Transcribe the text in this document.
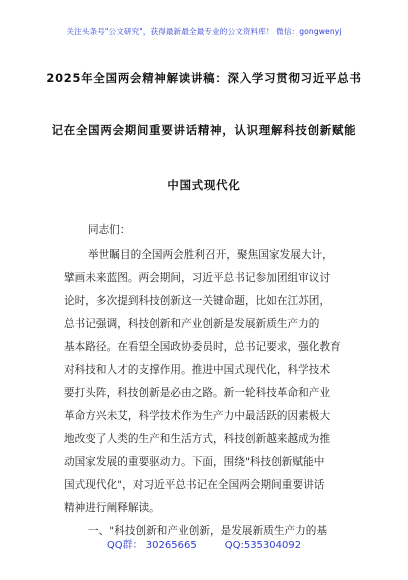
关注头条号"公文研究"，获得最新最全最专业的公文资料库！ 微信：gongwenyj
2025年全国两会精神解读讲稿：深入学习贯彻习近平总书
记在全国两会期间重要讲话精神，认识理解科技创新赋能
中国式现代化
同志们：
举世瞩目的全国两会胜利召开，聚焦国家发展大计，
擘画未来蓝图。两会期间，习近平总书记参加团组审议讨
论时，多次提到科技创新这一关键命题，比如在江苏团，
总书记强调，科技创新和产业创新是发展新质生产力的
基本路径。在看望全国政协委员时，总书记要求，强化教育
对科技和人才的支撑作用。推进中国式现代化，科学技术
要打头阵，科技创新是必由之路。新一轮科技革命和产业
革命方兴未艾，科学技术作为生产力中最活跃的因素极大
地改变了人类的生产和生活方式，科技创新越来越成为推
动国家发展的重要驱动力。下面，围绕"科技创新赋能中
国式现代化"，对习近平总书记在全国两会期间重要讲话
精神进行阐释解读。
一、"科技创新和产业创新，是发展新质生产力的基
QQ群： 30265665	QQ:535304092
